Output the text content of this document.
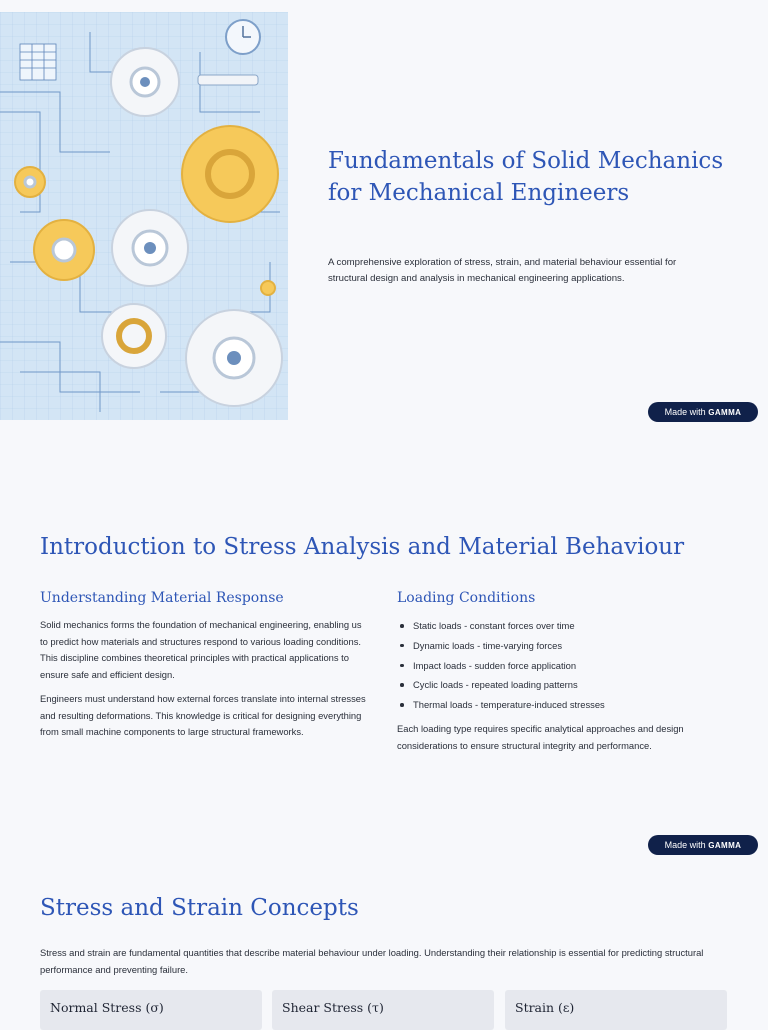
Fundamentals of Solid Mechanics for Mechanical Engineers

A comprehensive exploration of stress, strain, and material behaviour essential for structural design and analysis in mechanical engineering applications.

Made with GAMMA
Introduction to Stress Analysis and Material Behaviour
Understanding Material Response

Solid mechanics forms the foundation of mechanical engineering, enabling us to predict how materials and structures respond to various loading conditions. This discipline combines theoretical principles with practical applications to ensure safe and efficient design.

Engineers must understand how external forces translate into internal stresses and resulting deformations. This knowledge is critical for designing everything from small machine components to large structural frameworks.

Loading Conditions
Static loads - constant forces over time
Dynamic loads - time-varying forces
Impact loads - sudden force application
Cyclic loads - repeated loading patterns
Thermal loads - temperature-induced stresses

Each loading type requires specific analytical approaches and design considerations to ensure structural integrity and performance.

Made with GAMMA
Stress and Strain Concepts

Stress and strain are fundamental quantities that describe material behaviour under loading. Understanding their relationship is essential for predicting structural performance and preventing failure.

Normal Stress (σ)	Shear Stress (τ)	Strain (ε)
